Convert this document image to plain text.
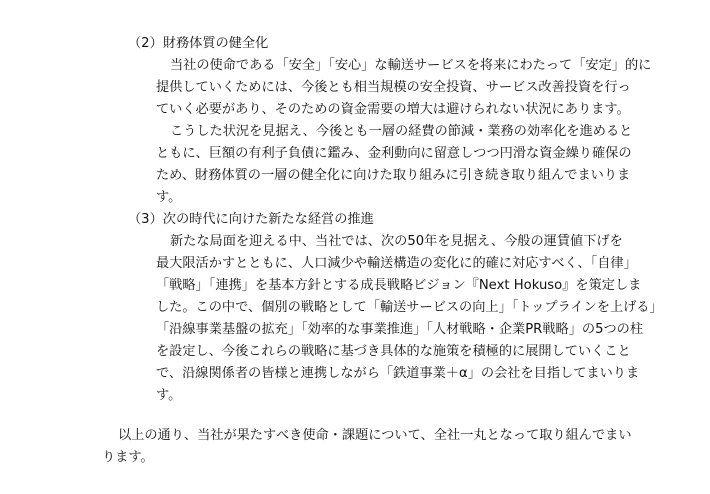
（2）財務体質の健全化
当社の使命である「安全」「安心」な輸送サービスを将来にわたって「安定」的に
提供していくためには、今後とも相当規模の安全投資、サービス改善投資を行っ
ていく必要があり、そのための資金需要の増大は避けられない状況にあります。
こうした状況を見据え、今後とも一層の経費の節減・業務の効率化を進めると
ともに、巨額の有利子負債に鑑み、金利動向に留意しつつ円滑な資金繰り確保の
ため、財務体質の一層の健全化に向けた取り組みに引き続き取り組んでまいりま
す。
（3）次の時代に向けた新たな経営の推進
新たな局面を迎える中、当社では、次の50年を見据え、今般の運賃値下げを
最大限活かすとともに、人口減少や輸送構造の変化に的確に対応すべく、「自律」
「戦略」「連携」を基本方針とする成長戦略ビジョン『Next Hokuso』を策定しま
した。この中で、個別の戦略として「輸送サービスの向上」「トップラインを上げる」
「沿線事業基盤の拡充」「効率的な事業推進」「人材戦略・企業PR戦略」の5つの柱
を設定し、今後これらの戦略に基づき具体的な施策を積極的に展開していくこと
で、沿線関係者の皆様と連携しながら「鉄道事業＋α」の会社を目指してまいりま
す。
以上の通り、当社が果たすべき使命・課題について、全社一丸となって取り組んでまい
ります。
